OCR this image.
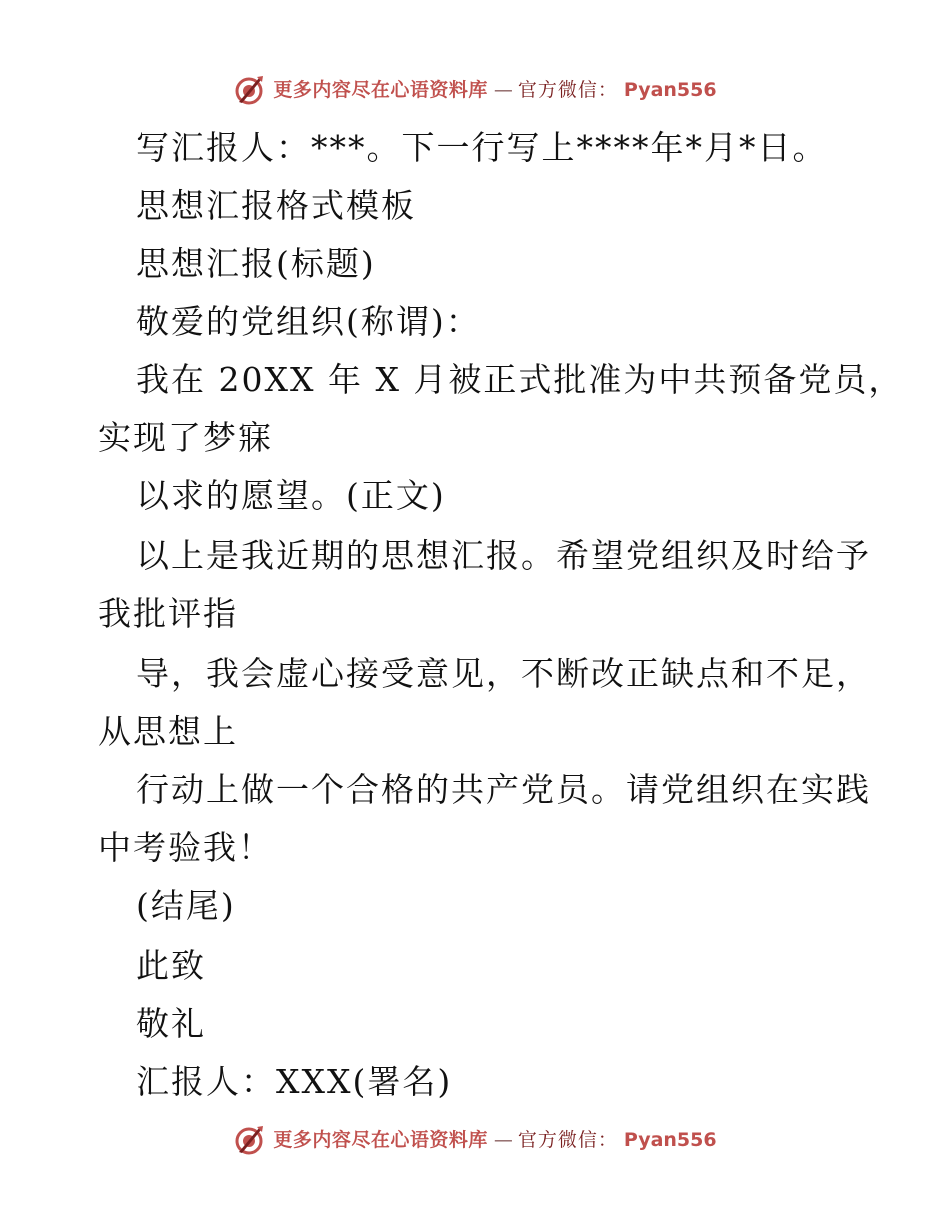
更多内容尽在心语资料库 — 官方微信： Pyan556
写汇报人：***。下一行写上****年*月*日。
思想汇报格式模板
思想汇报(标题)
敬爱的党组织(称谓)：
我在 20XX 年 X 月被正式批准为中共预备党员，
实现了梦寐
以求的愿望。(正文)
以上是我近期的思想汇报。希望党组织及时给予
我批评指
导，我会虚心接受意见，不断改正缺点和不足，
从思想上
行动上做一个合格的共产党员。请党组织在实践
中考验我！
(结尾)
此致
敬礼
汇报人：XXX(署名)
更多内容尽在心语资料库 — 官方微信： Pyan556
